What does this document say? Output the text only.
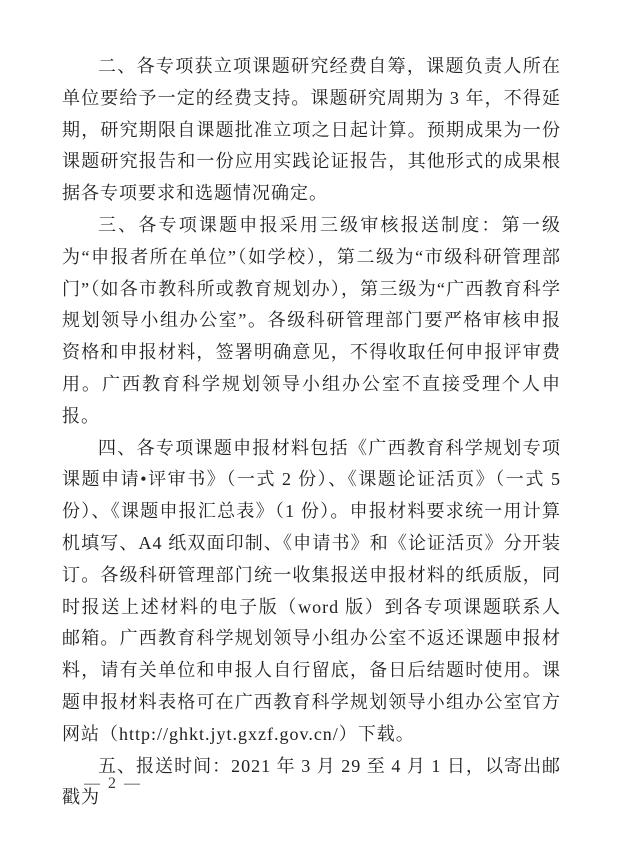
二、各专项获立项课题研究经费自筹，课题负责人所在单位要给予一定的经费支持。课题研究周期为 3 年，不得延期，研究期限自课题批准立项之日起计算。预期成果为一份课题研究报告和一份应用实践论证报告，其他形式的成果根据各专项要求和选题情况确定。

三、各专项课题申报采用三级审核报送制度：第一级为“申报者所在单位”（如学校），第二级为“市级科研管理部门”（如各市教科所或教育规划办），第三级为“广西教育科学规划领导小组办公室”。各级科研管理部门要严格审核申报资格和申报材料，签署明确意见，不得收取任何申报评审费用。广西教育科学规划领导小组办公室不直接受理个人申报。

四、各专项课题申报材料包括《广西教育科学规划专项课题申请•评审书》（一式 2 份）、《课题论证活页》（一式 5 份）、《课题申报汇总表》（1 份）。申报材料要求统一用计算机填写、A4 纸双面印制、《申请书》和《论证活页》分开装订。各级科研管理部门统一收集报送申报材料的纸质版，同时报送上述材料的电子版（word 版）到各专项课题联系人邮箱。广西教育科学规划领导小组办公室不返还课题申报材料，请有关单位和申报人自行留底，备日后结题时使用。课题申报材料表格可在广西教育科学规划领导小组办公室官方网站（http://ghkt.jyt.gxzf.gov.cn/）下载。

五、报送时间：2021 年 3 月 29 至 4 月 1 日，以寄出邮戳为

— 2 —
